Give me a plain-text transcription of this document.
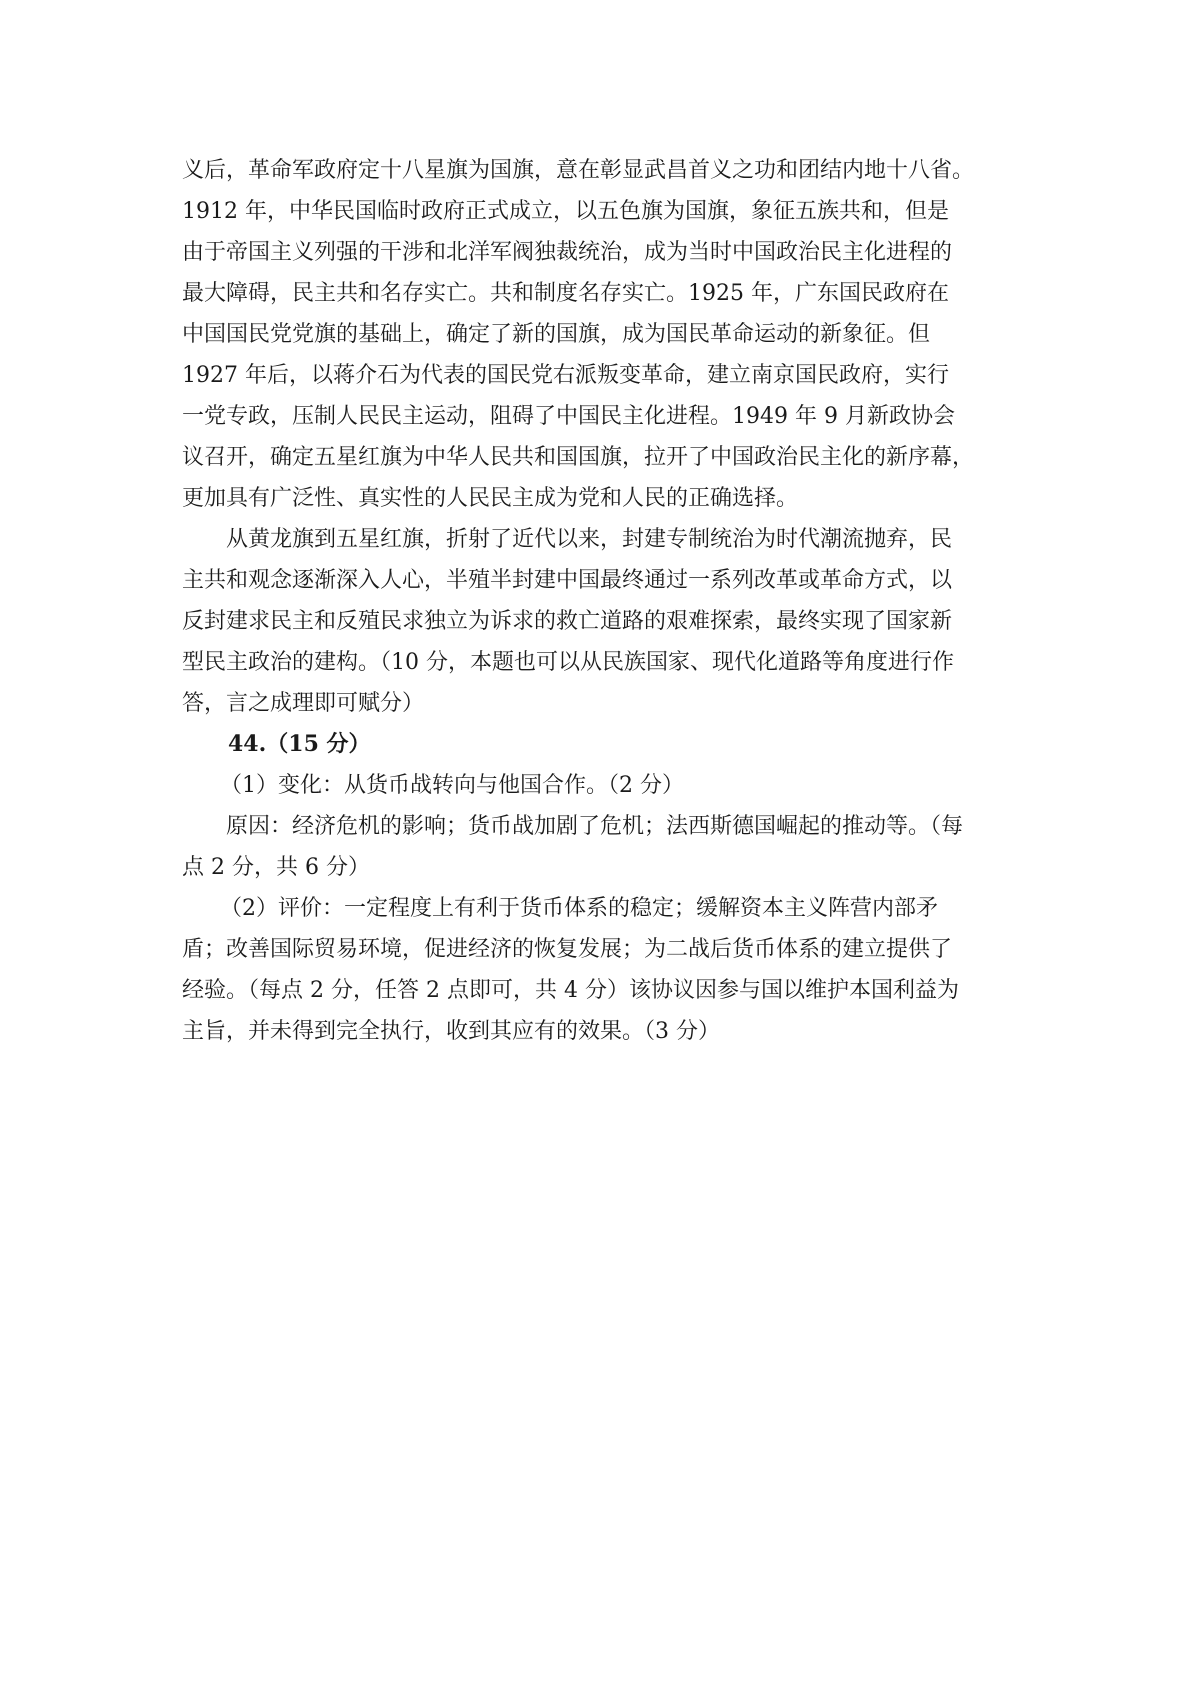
义后，革命军政府定十八星旗为国旗，意在彰显武昌首义之功和团结内地十八省。
1912 年，中华民国临时政府正式成立，以五色旗为国旗，象征五族共和，但是
由于帝国主义列强的干涉和北洋军阀独裁统治，成为当时中国政治民主化进程的
最大障碍，民主共和名存实亡。共和制度名存实亡。1925 年，广东国民政府在
中国国民党党旗的基础上，确定了新的国旗，成为国民革命运动的新象征。但
1927 年后，以蒋介石为代表的国民党右派叛变革命，建立南京国民政府，实行
一党专政，压制人民民主运动，阻碍了中国民主化进程。1949 年 9 月新政协会
议召开，确定五星红旗为中华人民共和国国旗，拉开了中国政治民主化的新序幕，
更加具有广泛性、真实性的人民民主成为党和人民的正确选择。
从黄龙旗到五星红旗，折射了近代以来，封建专制统治为时代潮流抛弃，民
主共和观念逐渐深入人心，半殖半封建中国最终通过一系列改革或革命方式，以
反封建求民主和反殖民求独立为诉求的救亡道路的艰难探索，最终实现了国家新
型民主政治的建构。（10 分，本题也可以从民族国家、现代化道路等角度进行作
答，言之成理即可赋分）
44.（15 分）
（1）变化：从货币战转向与他国合作。（2 分）
原因：经济危机的影响；货币战加剧了危机；法西斯德国崛起的推动等。（每
点 2 分，共 6 分）
（2）评价：一定程度上有利于货币体系的稳定；缓解资本主义阵营内部矛
盾；改善国际贸易环境，促进经济的恢复发展；为二战后货币体系的建立提供了
经验。（每点 2 分，任答 2 点即可，共 4 分）该协议因参与国以维护本国利益为
主旨，并未得到完全执行，收到其应有的效果。（3 分）
